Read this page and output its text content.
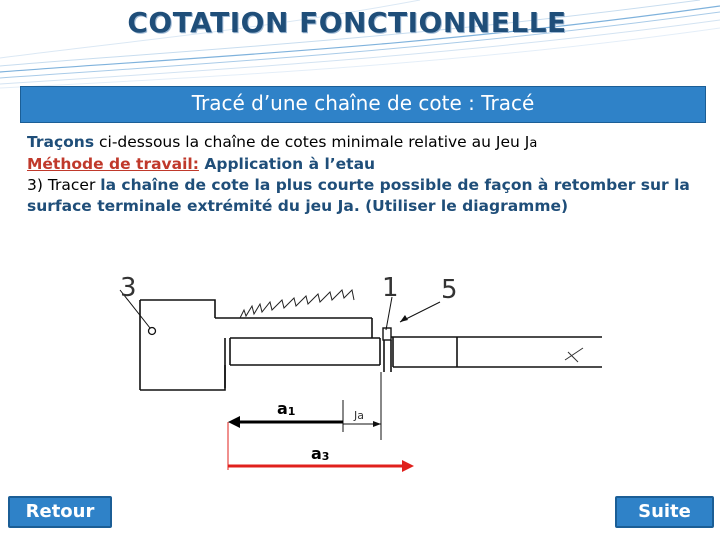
COTATION FONCTIONNELLE
Tracé d’une chaîne de cote : Tracé

Traçons ci-dessous la chaîne de cotes minimale relative au Jeu Ja

Méthode de travail: Application à l’etau

3) Tracer la chaîne de cote la plus courte possible de façon à retomber sur la surface terminale extrémité du jeu Ja. (Utiliser le diagramme)

3	1 5
Ja
a1
a3
Retour	Suite
